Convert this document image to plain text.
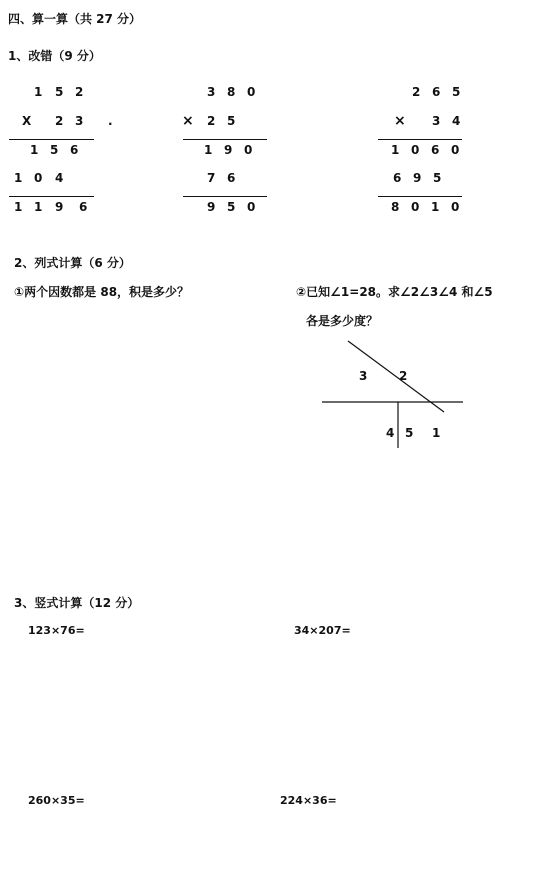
四、算一算（共 27 分）
1、改错（9 分）
1 5 2
X 2 3 .
1 5 6
1 0 4
1 1 9 6
3 8 0
× 2 5
1 9 0
7 6
9 5 0
2 6 5
× 3 4
1 0 6 0
6 9 5
8 0 1 0
2、列式计算（6 分）
①两个因数都是 88，积是多少？	②已知∠1=28。求∠2∠3∠4 和∠5
各是多少度？
3	2
4 5 1
3、竖式计算（12 分）
123×76=	34×207=
260×35=	224×36=
